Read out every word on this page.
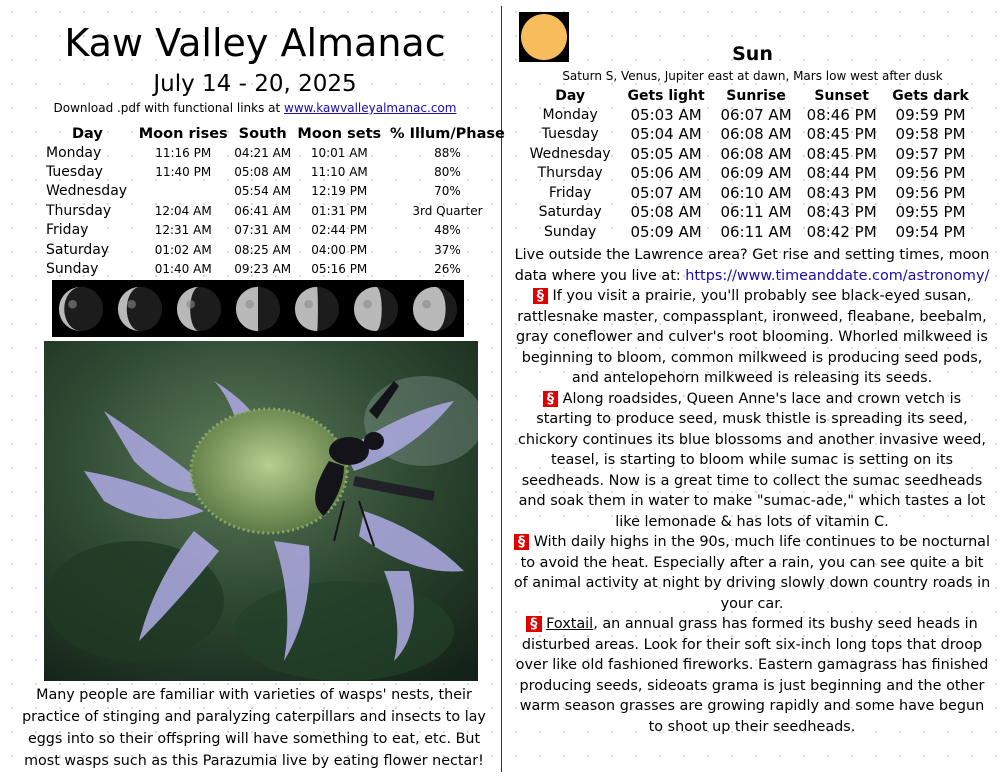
Kaw Valley Almanac
July 14 - 20, 2025
Download .pdf with functional links at www.kawvalleyalmanac.com
Day	Moon rises	South	Moon sets	% Illum/Phase
Monday	11:16 PM	04:21 AM	10:01 AM	88%
Tuesday	11:40 PM	05:08 AM	11:10 AM	80%
Wednesday		05:54 AM	12:19 PM	70%
Thursday	12:04 AM	06:41 AM	01:31 PM	3rd Quarter
Friday	12:31 AM	07:31 AM	02:44 PM	48%
Saturday	01:02 AM	08:25 AM	04:00 PM	37%
Sunday	01:40 AM	09:23 AM	05:16 PM	26%
Many people are familiar with varieties of wasps' nests, their practice of stinging and paralyzing caterpillars and insects to lay eggs into so their offspring will have something to eat, etc. But most wasps such as this Parazumia live by eating flower nectar!
Sun
Saturn S, Venus, Jupiter east at dawn, Mars low west after dusk
Day	Gets light	Sunrise	Sunset	Gets dark
Monday	05:03 AM	06:07 AM	08:46 PM	09:59 PM
Tuesday	05:04 AM	06:08 AM	08:45 PM	09:58 PM
Wednesday	05:05 AM	06:08 AM	08:45 PM	09:57 PM
Thursday	05:06 AM	06:09 AM	08:44 PM	09:56 PM
Friday	05:07 AM	06:10 AM	08:43 PM	09:56 PM
Saturday	05:08 AM	06:11 AM	08:43 PM	09:55 PM
Sunday	05:09 AM	06:11 AM	08:42 PM	09:54 PM

Live outside the Lawrence area? Get rise and setting times, moon data where you live at: https://www.timeanddate.com/astronomy/

§ If you visit a prairie, you'll probably see black-eyed susan, rattlesnake master, compassplant, ironweed, fleabane, beebalm, gray coneflower and culver's root blooming. Whorled milkweed is beginning to bloom, common milkweed is producing seed pods, and antelopehorn milkweed is releasing its seeds.

§ Along roadsides, Queen Anne's lace and crown vetch is starting to produce seed, musk thistle is spreading its seed, chickory continues its blue blossoms and another invasive weed, teasel, is starting to bloom while sumac is setting on its seedheads. Now is a great time to collect the sumac seedheads and soak them in water to make "sumac-ade," which tastes a lot like lemonade & has lots of vitamin C.

§ With daily highs in the 90s, much life continues to be nocturnal to avoid the heat. Especially after a rain, you can see quite a bit of animal activity at night by driving slowly down country roads in your car.

§ Foxtail, an annual grass has formed its bushy seed heads in disturbed areas. Look for their soft six-inch long tops that droop over like old fashioned fireworks. Eastern gamagrass has finished producing seeds, sideoats grama is just beginning and the other warm season grasses are growing rapidly and some have begun to shoot up their seedheads.
